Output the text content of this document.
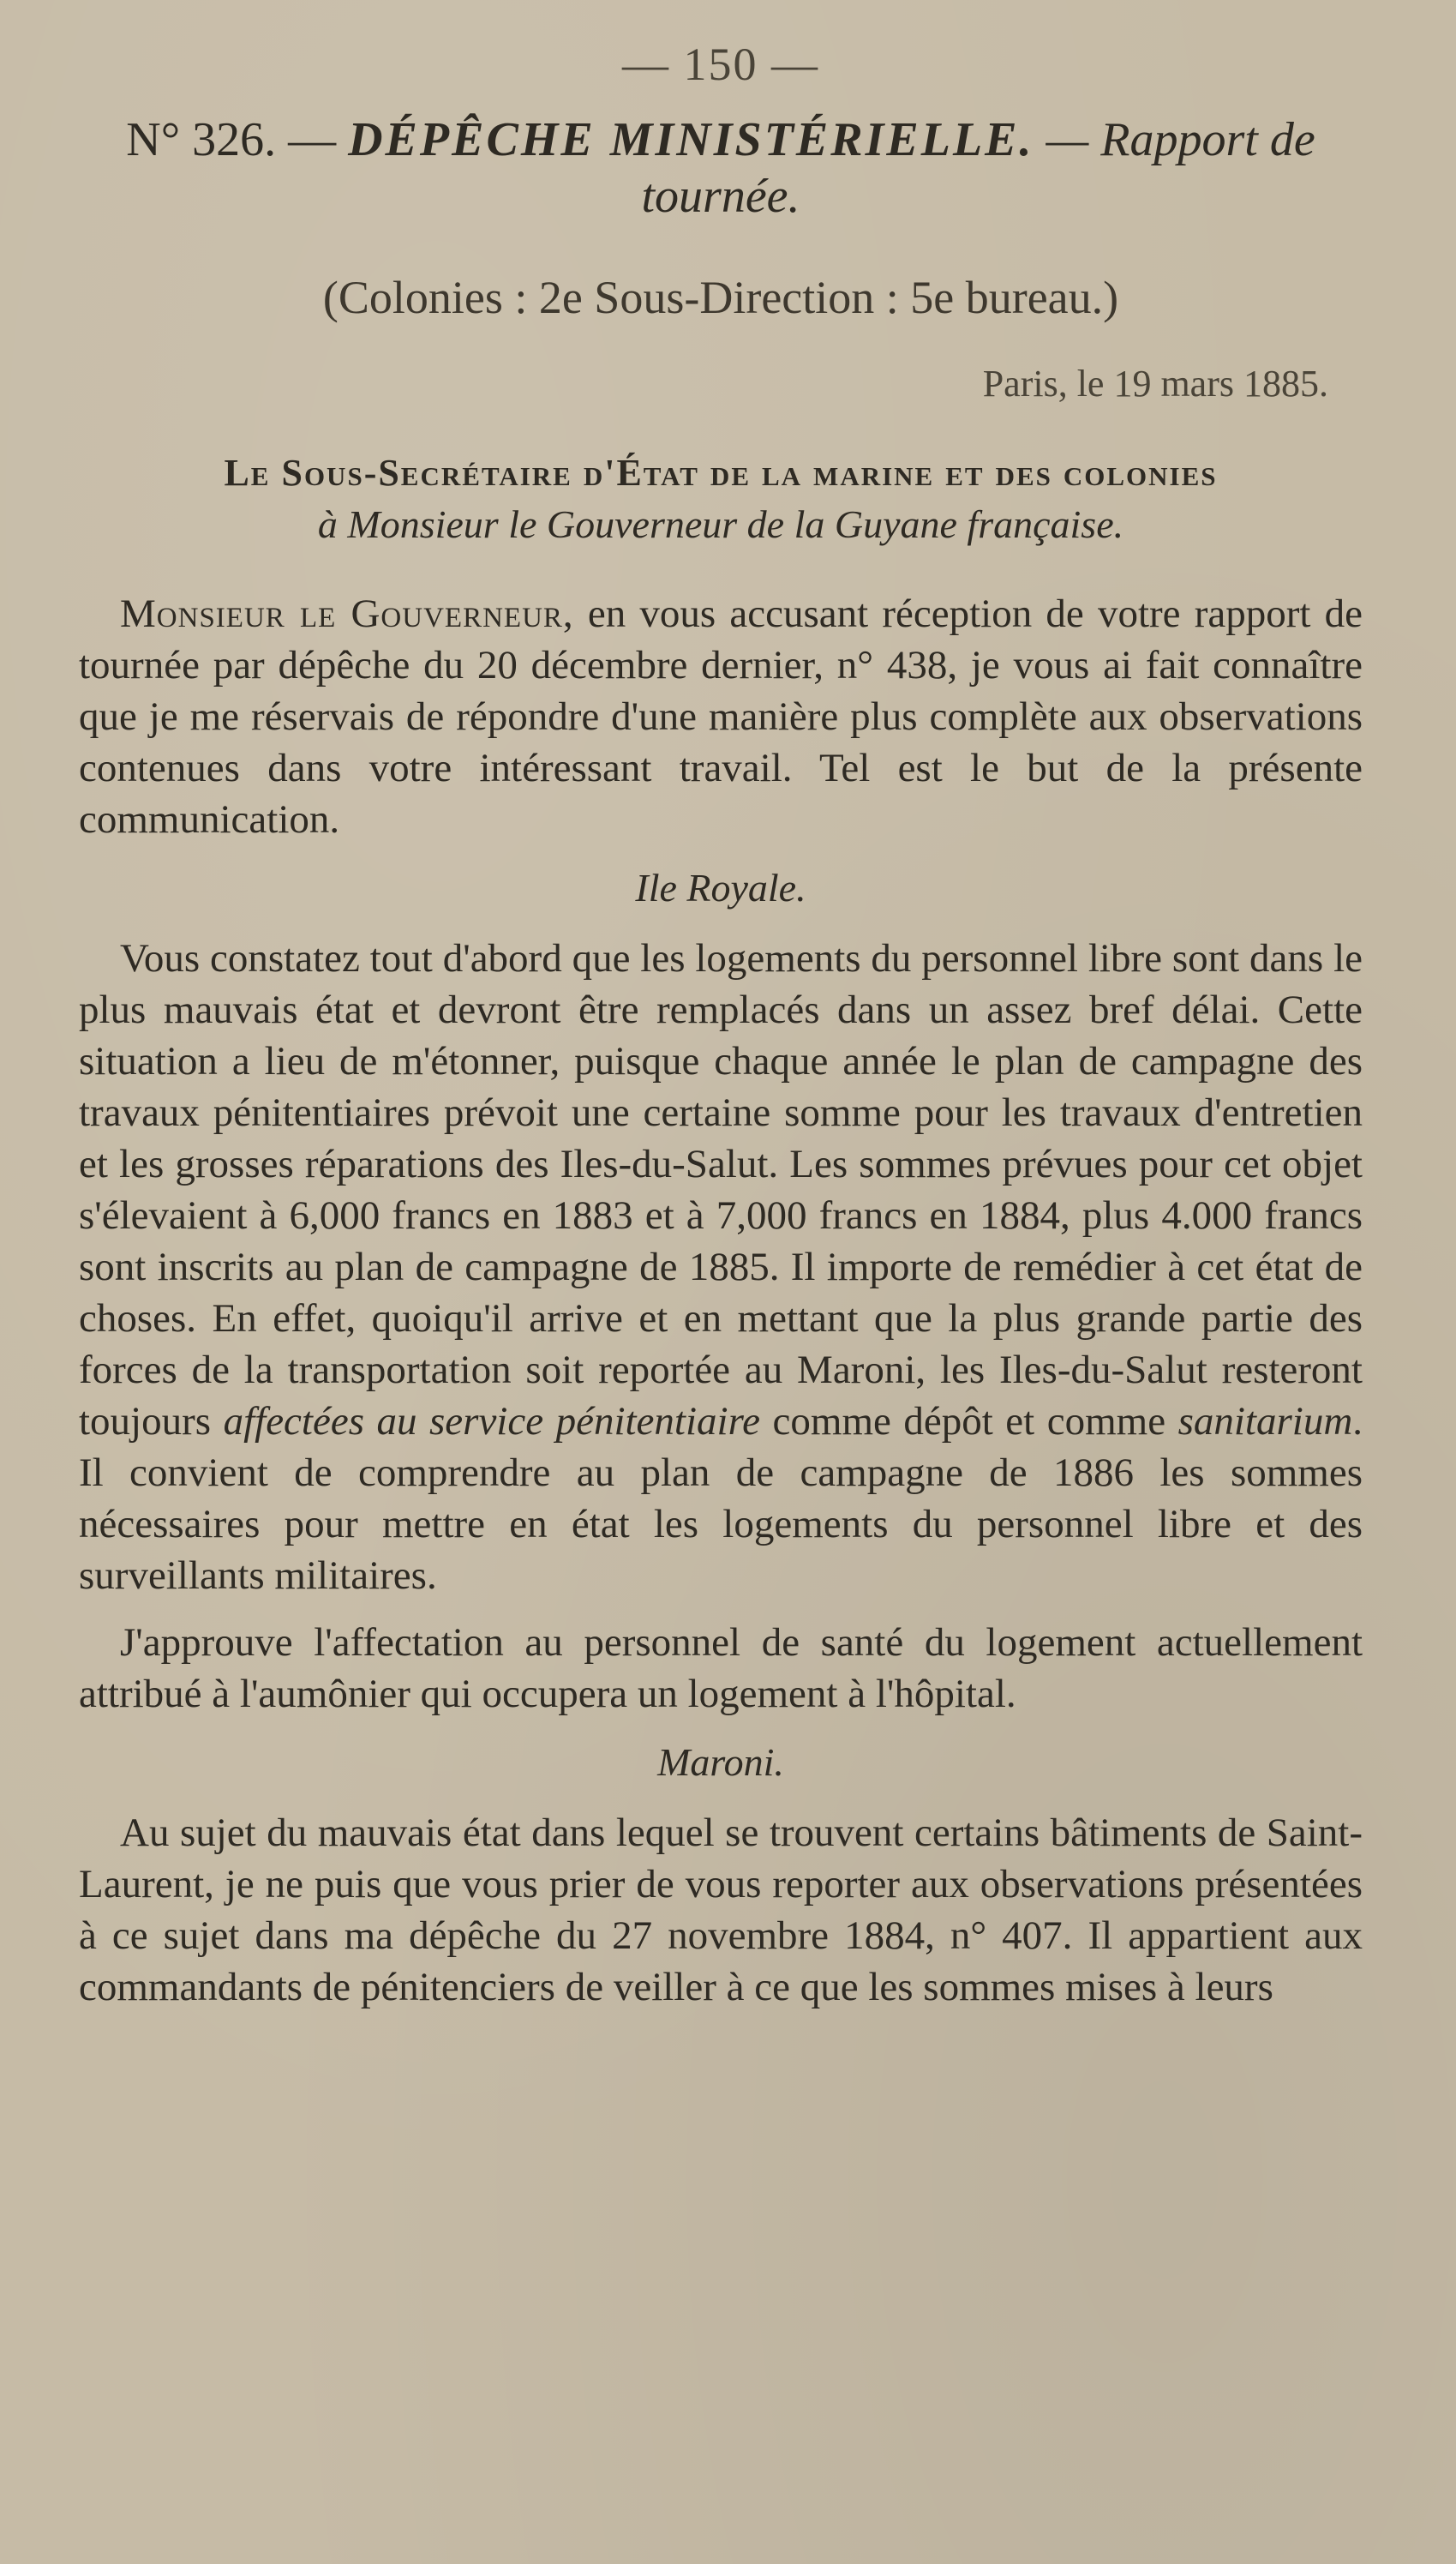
— 150 —
N° 326. — DÉPÊCHE MINISTÉRIELLE. — Rapport de tournée.
(Colonies : 2e Sous-Direction : 5e bureau.)
Paris, le 19 mars 1885.
Le Sous-Secrétaire d'État de la marine et des colonies
à Monsieur le Gouverneur de la Guyane française.

Monsieur le Gouverneur, en vous accusant réception de votre rapport de tournée par dépêche du 20 décembre dernier, n° 438, je vous ai fait connaître que je me réservais de répondre d'une manière plus complète aux observations contenues dans votre intéressant travail. Tel est le but de la présente communication.

Ile Royale.

Vous constatez tout d'abord que les logements du personnel libre sont dans le plus mauvais état et devront être remplacés dans un assez bref délai. Cette situation a lieu de m'étonner, puisque chaque année le plan de campagne des travaux pénitentiaires prévoit une certaine somme pour les travaux d'entretien et les grosses réparations des Iles-du-Salut. Les sommes prévues pour cet objet s'élevaient à 6,000 francs en 1883 et à 7,000 francs en 1884, plus 4.000 francs sont inscrits au plan de campagne de 1885. Il importe de remédier à cet état de choses. En effet, quoiqu'il arrive et en mettant que la plus grande partie des forces de la transportation soit reportée au Maroni, les Iles-du-Salut resteront toujours affectées au service pénitentiaire comme dépôt et comme sanitarium. Il convient de comprendre au plan de campagne de 1886 les sommes nécessaires pour mettre en état les logements du personnel libre et des surveillants militaires.

J'approuve l'affectation au personnel de santé du logement actuellement attribué à l'aumônier qui occupera un logement à l'hôpital.

Maroni.

Au sujet du mauvais état dans lequel se trouvent certains bâtiments de Saint-Laurent, je ne puis que vous prier de vous reporter aux observations présentées à ce sujet dans ma dépêche du 27 novembre 1884, n° 407. Il appartient aux commandants de pénitenciers de veiller à ce que les sommes mises à leurs
